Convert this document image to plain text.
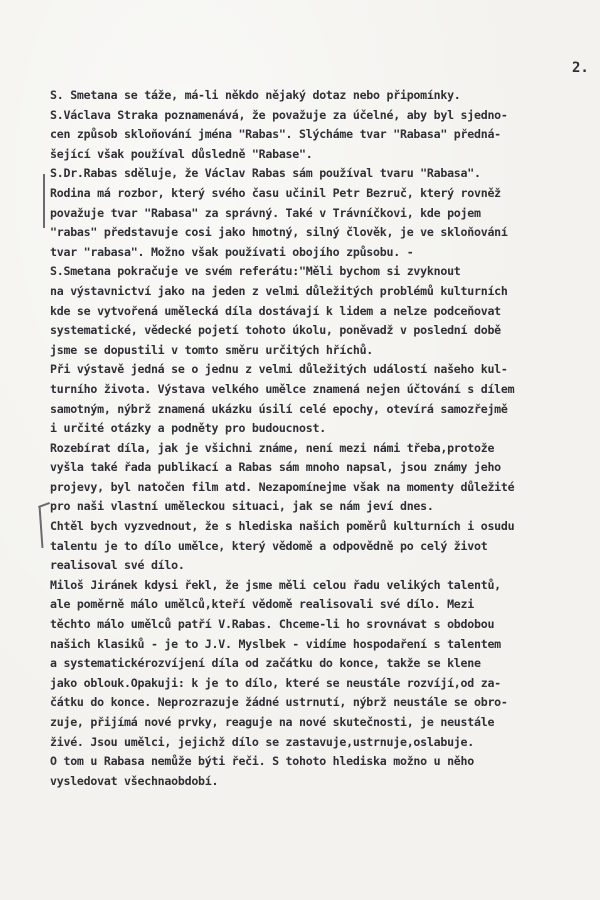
2.
S. Smetana se táže, má-li někdo nějaký dotaz nebo připomínky.
S.Václava Straka poznamenává, že považuje za účelné, aby byl sjedno-
cen způsob skloňování jména "Rabas". Slýcháme tvar "Rabasa" předná-
šející však používal důsledně "Rabase".
S.Dr.Rabas sděluje, že Václav Rabas sám používal tvaru "Rabasa".
Rodina má rozbor, který svého času učinil Petr Bezruč, který rovněž
považuje tvar "Rabasa" za správný. Také v Trávníčkovi, kde pojem
"rabas" představuje cosi jako hmotný, silný člověk, je ve skloňování
tvar "rabasa". Možno však používati obojího způsobu. -
S.Smetana pokračuje ve svém referátu:"Měli bychom si zvyknout
na výstavnictví jako na jeden z velmi důležitých problémů kulturních
kde se vytvořená umělecká díla dostávají k lidem a nelze podceňovat
systematické, vědecké pojetí tohoto úkolu, poněvadž v poslední době
jsme se dopustili v tomto směru určitých hříchů.
Při výstavě jedná se o jednu z velmi důležitých událostí našeho kul-
turního života. Výstava velkého umělce znamená nejen účtování s dílem
samotným, nýbrž znamená ukázku úsilí celé epochy, otevírá samozřejmě
i určité otázky a podněty pro budoucnost.
Rozebírat díla, jak je všichni známe, není mezi námi třeba,protože
vyšla také řada publikací a Rabas sám mnoho napsal, jsou známy jeho
projevy, byl natočen film atd. Nezapomínejme však na momenty důležité
pro naši vlastní uměleckou situaci, jak se nám jeví dnes.
Chtěl bych vyzvednout, že s hlediska našich poměrů kulturních i osudu
talentu je to dílo umělce, který vědomě a odpovědně po celý život
realisoval své dílo.
Miloš Jiránek kdysi řekl, že jsme měli celou řadu velikých talentů,
ale poměrně málo umělců,kteří vědomě realisovali své dílo. Mezi
těchto málo umělců patří V.Rabas. Chceme-li ho srovnávat s obdobou
našich klasiků - je to J.V. Myslbek - vidíme hospodaření s talentem
a systematickérozvíjení díla od začátku do konce, takže se klene
jako oblouk.Opakuji: k je to dílo, které se neustále rozvíjí,od za-
čátku do konce. Neprozrazuje žádné ustrnutí, nýbrž neustále se obro-
zuje, přijímá nové prvky, reaguje na nové skutečnosti, je neustále
živé. Jsou umělci, jejichž dílo se zastavuje,ustrnuje,oslabuje.
O tom u Rabasa nemůže býti řeči. S tohoto hlediska možno u něho
vysledovat všechnaobdobí.
